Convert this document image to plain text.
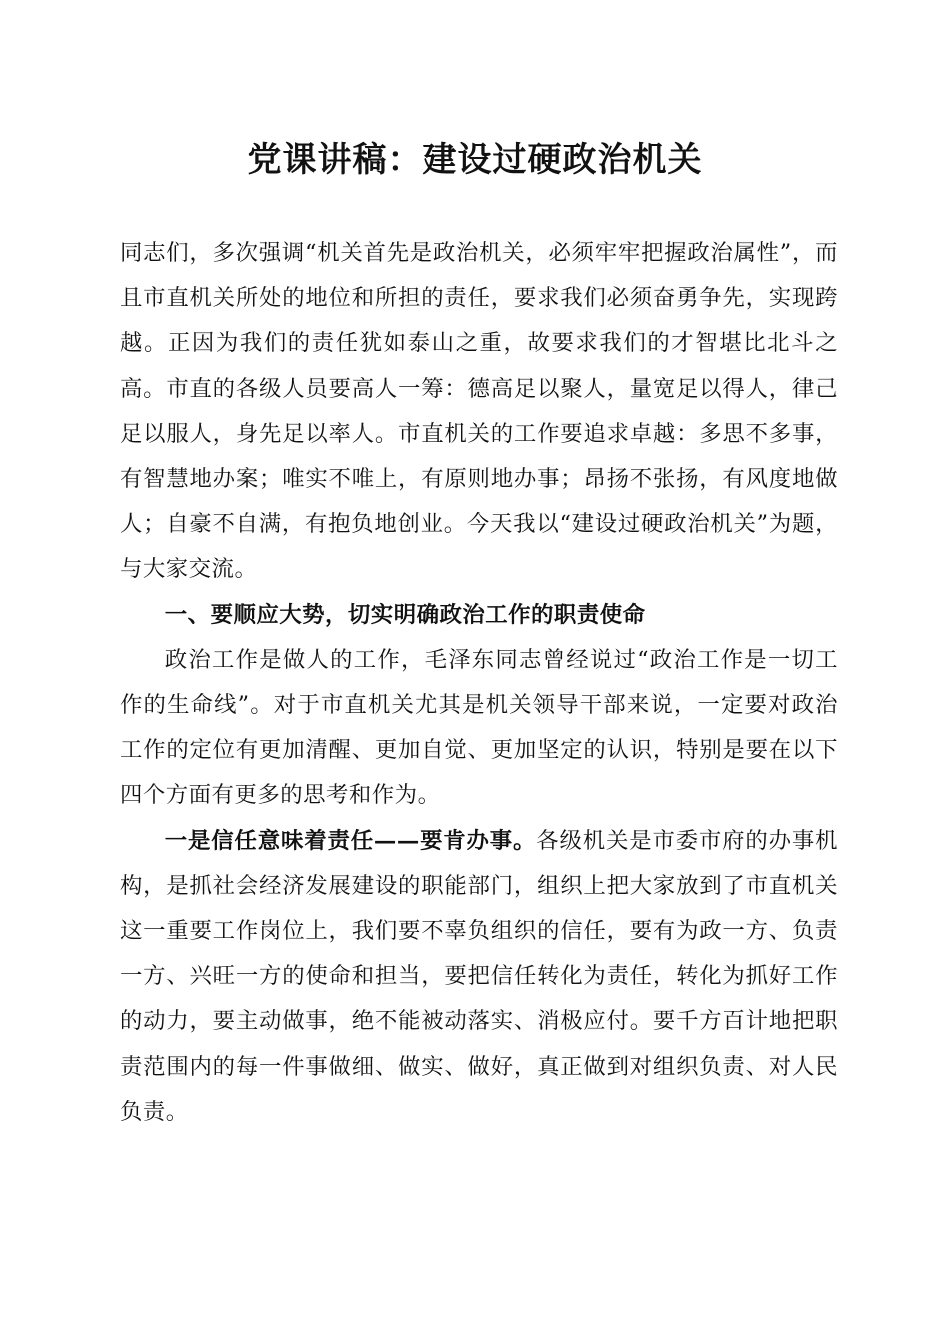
党课讲稿：建设过硬政治机关

同志们，多次强调“机关首先是政治机关，必须牢牢把握政治属性”，而且市直机关所处的地位和所担的责任，要求我们必须奋勇争先，实现跨越。正因为我们的责任犹如泰山之重，故要求我们的才智堪比北斗之高。市直的各级人员要高人一筹：德高足以聚人，量宽足以得人，律己足以服人，身先足以率人。市直机关的工作要追求卓越：多思不多事，有智慧地办案；唯实不唯上，有原则地办事；昂扬不张扬，有风度地做人；自豪不自满，有抱负地创业。今天我以“建设过硬政治机关”为题，与大家交流。

一、要顺应大势，切实明确政治工作的职责使命

政治工作是做人的工作，毛泽东同志曾经说过“政治工作是一切工作的生命线”。对于市直机关尤其是机关领导干部来说，一定要对政治工作的定位有更加清醒、更加自觉、更加坚定的认识，特别是要在以下四个方面有更多的思考和作为。

一是信任意味着责任——要肯办事。各级机关是市委市府的办事机构，是抓社会经济发展建设的职能部门，组织上把大家放到了市直机关这一重要工作岗位上，我们要不辜负组织的信任，要有为政一方、负责一方、兴旺一方的使命和担当，要把信任转化为责任，转化为抓好工作的动力，要主动做事，绝不能被动落实、消极应付。要千方百计地把职责范围内的每一件事做细、做实、做好，真正做到对组织负责、对人民负责。
